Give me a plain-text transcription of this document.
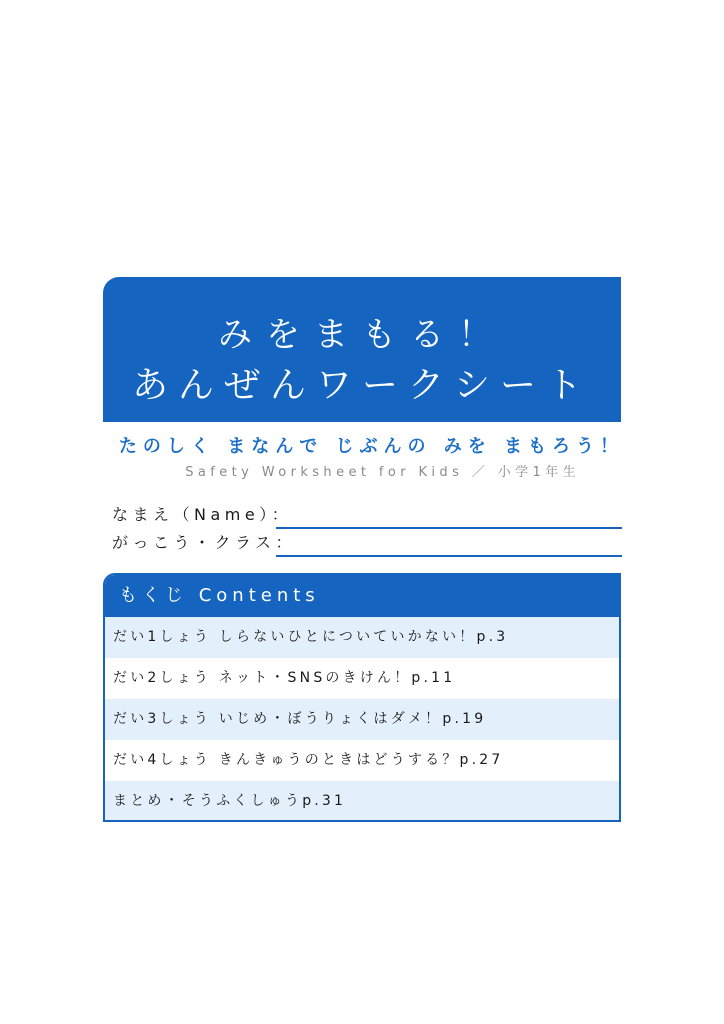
みをまもる！
あんぜんワークシート
たのしく まなんで じぶんの みを まもろう！
Safety Worksheet for Kids ／ 小学1年生
なまえ（Name）：
がっこう・クラス：
もくじ Contents
だい1しょう しらないひとについていかない！p.3
だい2しょう ネット・SNSのきけん！p.11
だい3しょう いじめ・ぼうりょくはダメ！p.19
だい4しょう きんきゅうのときはどうする？p.27
まとめ・そうふくしゅうp.31
